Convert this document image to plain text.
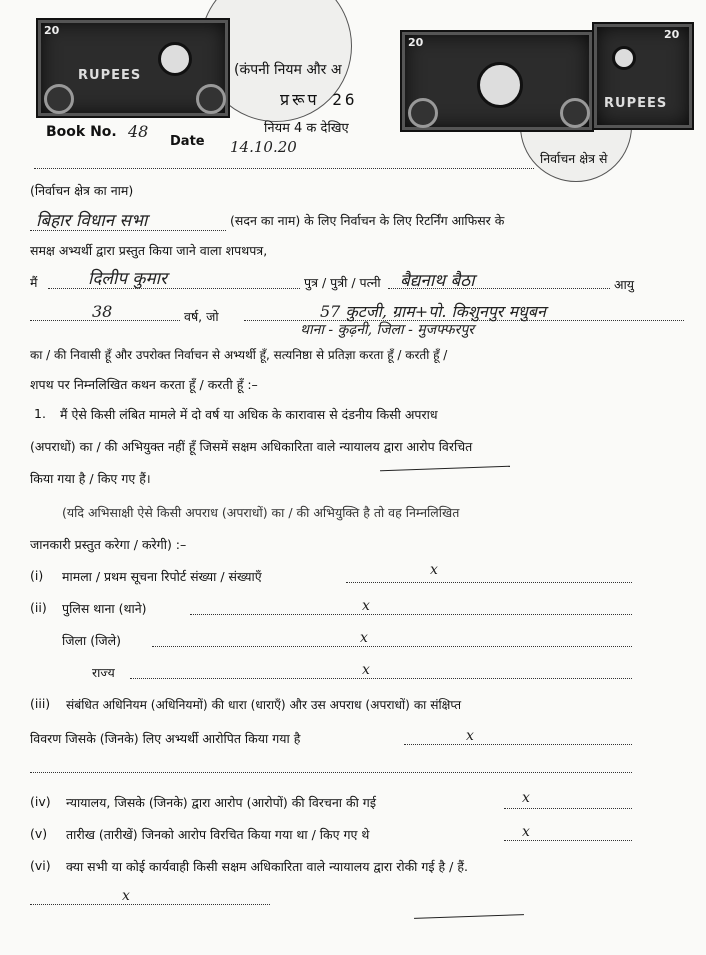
20
RUPEES
20
20
RUPEES
(कंपनी नियम और अ
प्ररूप 26
नियम 4 क देखिए
Book No. 48
Date 14.10.20
निर्वाचन क्षेत्र से
(निर्वाचन क्षेत्र का नाम)
बिहार विधान सभा	(सदन का नाम) के लिए निर्वाचन के लिए रिटर्निंग आफिसर के
समक्ष अभ्यर्थी द्वारा प्रस्तुत किया जाने वाला शपथपत्र,
मैं	दिलीप कुमार	पुत्र / पुत्री / पत्नी बैद्यनाथ बैठा	आयु
38	वर्ष, जो	57 कुटजी, ग्राम+पो. किशुनपुर मधुबन
थाना - कुढ़नी, जिला - मुजफ्फरपुर
का / की निवासी हूँ और उपरोक्त निर्वाचन से अभ्यर्थी हूँ, सत्यनिष्ठा से प्रतिज्ञा करता हूँ / करती हूँ /
शपथ पर निम्नलिखित कथन करता हूँ / करती हूँ :–
1. मैं ऐसे किसी लंबित मामले में दो वर्ष या अधिक के कारावास से दंडनीय किसी अपराध
(अपराधों) का / की अभियुक्त नहीं हूँ जिसमें सक्षम अधिकारिता वाले न्यायालय द्वारा आरोप विरचित
किया गया है / किए गए हैं।
(यदि अभिसाक्षी ऐसे किसी अपराध (अपराधों) का / की अभियुक्ति है तो वह निम्नलिखित
जानकारी प्रस्तुत करेगा / करेगी) :–
(i) मामला / प्रथम सूचना रिपोर्ट संख्या / संख्याएँ	x
(ii) पुलिस थाना (थाने)	x
जिला (जिले)	x
राज्य	x
(iii) संबंधित अधिनियम (अधिनियमों) की धारा (धाराएँ) और उस अपराध (अपराधों) का संक्षिप्त
विवरण जिसके (जिनके) लिए अभ्यर्थी आरोपित किया गया है	x
(iv) न्यायालय, जिसके (जिनके) द्वारा आरोप (आरोपों) की विरचना की गई	x
(v) तारीख (तारीखें) जिनको आरोप विरचित किया गया था / किए गए थे	x
(vi) क्या सभी या कोई कार्यवाही किसी सक्षम अधिकारिता वाले न्यायालय द्वारा रोकी गई है / हैं.
x
